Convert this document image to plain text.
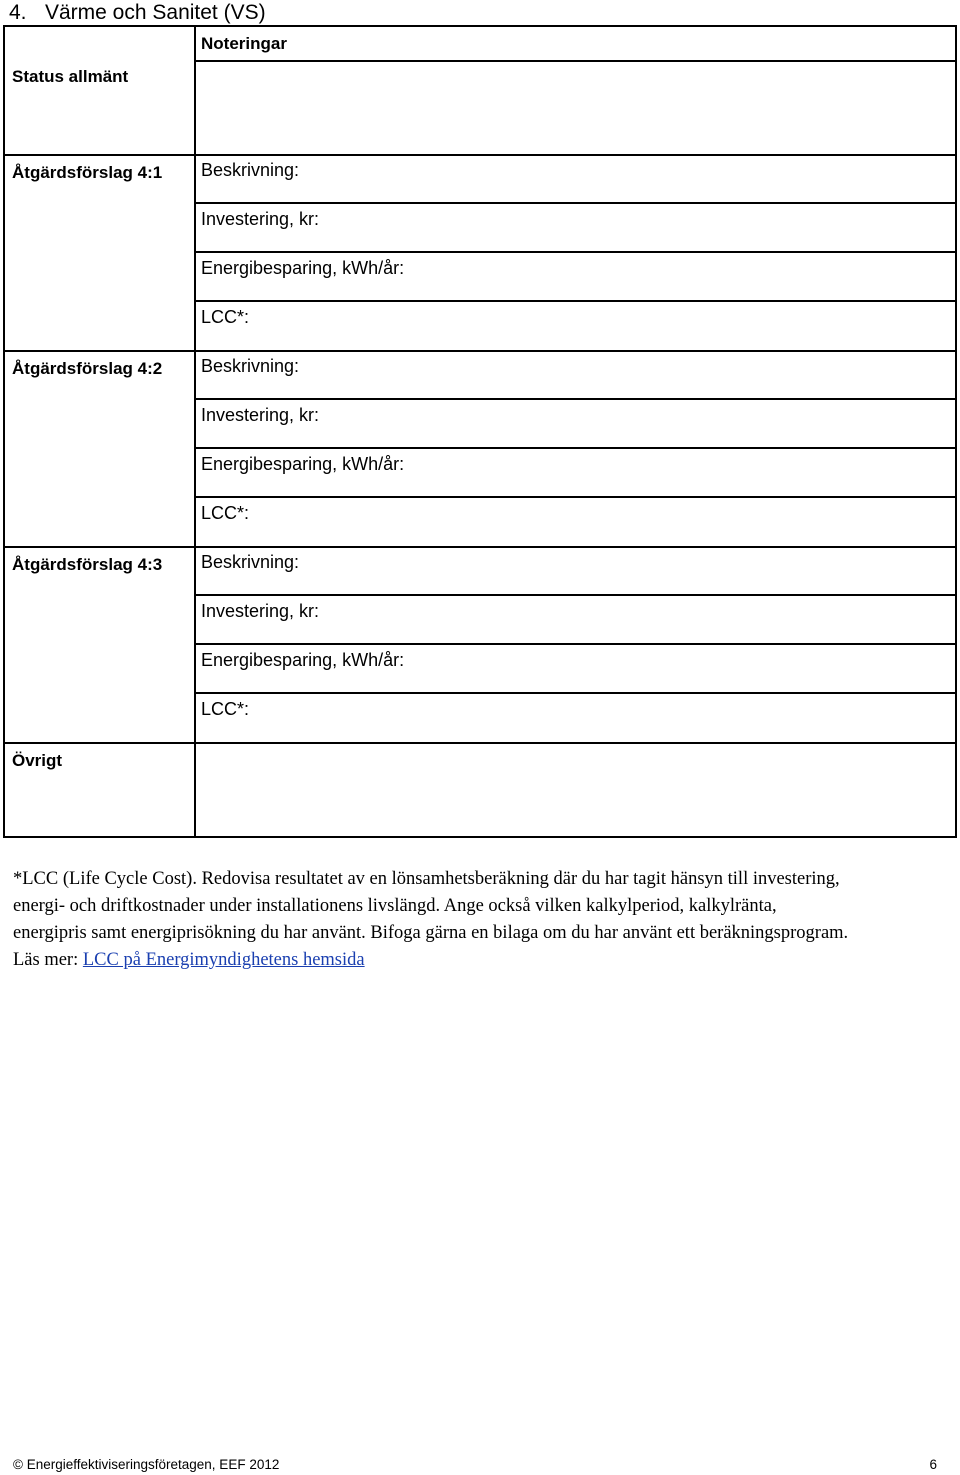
4. Värme och Sanitet (VS)
Noteringar
Status allmänt
Åtgärdsförslag 4:1 Beskrivning:
Investering, kr:
Energibesparing, kWh/år:
LCC*:
Åtgärdsförslag 4:2 Beskrivning:
Investering, kr:
Energibesparing, kWh/år:
LCC*:
Åtgärdsförslag 4:3 Beskrivning:
Investering, kr:
Energibesparing, kWh/år:
LCC*:
Övrigt

*LCC (Life Cycle Cost). Redovisa resultatet av en lönsamhetsberäkning där du har tagit hänsyn till investering,

energi- och driftkostnader under installationens livslängd. Ange också vilken kalkylperiod, kalkylränta,

energipris samt energiprisökning du har använt. Bifoga gärna en bilaga om du har använt ett beräkningsprogram.

Läs mer: LCC på Energimyndighetens hemsida

© Energieffektiviseringsföretagen, EEF 2012	6
